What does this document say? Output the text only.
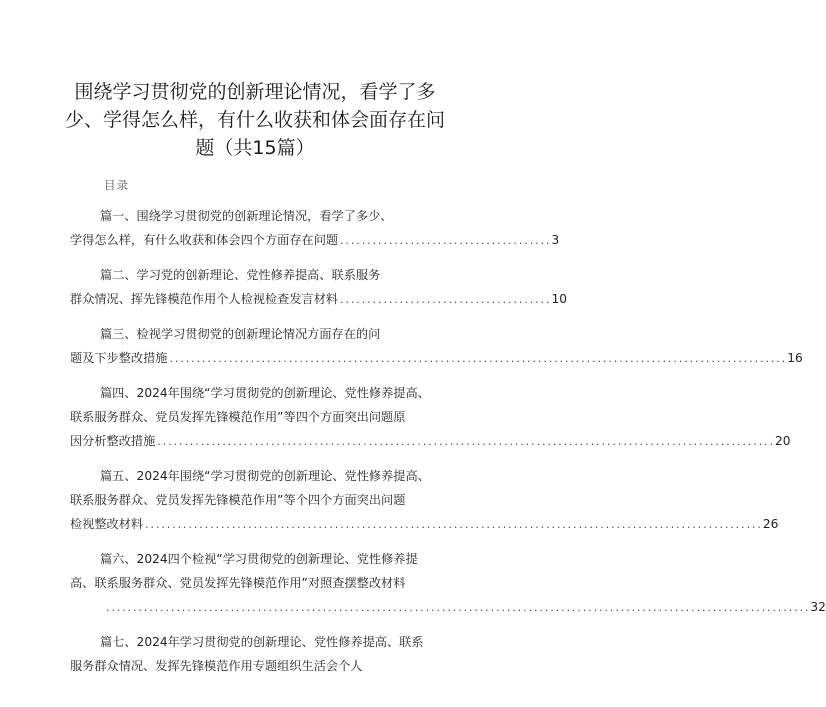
围绕学习贯彻党的创新理论情况，看学了多
少、学得怎么样，有什么收获和体会面存在问
题（共15篇）
目录
篇一、围绕学习贯彻党的创新理论情况，看学了多少、
学得怎么样，有什么收获和体会四个方面存在问题 ....................................... 3
篇二、学习党的创新理论、党性修养提高、联系服务
群众情况、挥先锋模范作用个人检视检查发言材料 ....................................... 10
篇三、检视学习贯彻党的创新理论情况方面存在的问
题及下步整改措施 .................................................................................................................. 16
篇四、2024年围绕“学习贯彻党的创新理论、党性修养提高、
联系服务群众、党员发挥先锋模范作用”等四个方面突出问题原
因分析整改措施 .................................................................................................................. 20
篇五、2024年围绕“学习贯彻党的创新理论、党性修养提高、
联系服务群众、党员发挥先锋模范作用”等个四个方面突出问题
检视整改材料 .................................................................................................................. 26
篇六、2024四个检视“学习贯彻党的创新理论、党性修养提
高、联系服务群众、党员发挥先锋模范作用”对照查摆整改材料
.................................................................................................................................. 32
篇七、2024年学习贯彻党的创新理论、党性修养提高、联系
服务群众情况、发挥先锋模范作用专题组织生活会个人
